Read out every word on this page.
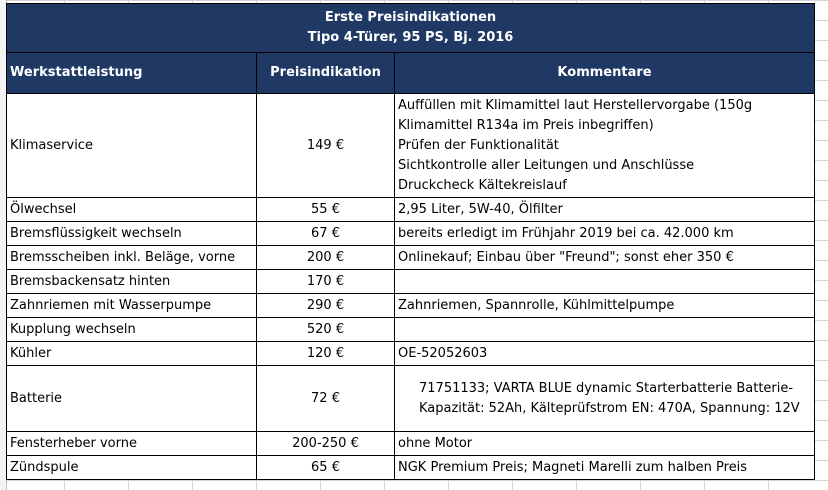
Erste Preisindikationen
Tipo 4-Türer, 95 PS, Bj. 2016		

Werkstattleistung	Preisindikation	Kommentare
Klimaservice	149 €	Auffüllen mit Klimamittel laut Herstellervorgabe (150g
Klimamittel R134a im Preis inbegriffen)
Prüfen der Funktionalität
Sichtkontrolle aller Leitungen und Anschlüsse
Druckcheck Kältekreislauf

Ölwechsel	55 €	2,95 Liter, 5W-40, Ölfilter
Bremsflüssigkeit wechseln	67 €	bereits erledigt im Frühjahr 2019 bei ca. 42.000 km
Bremsscheiben inkl. Beläge, vorne	200 €	Onlinekauf; Einbau über "Freund"; sonst eher 350 €
Bremsbackensatz hinten	170 €	
Zahnriemen mit Wasserpumpe	290 €	Zahnriemen, Spannrolle, Kühlmittelpumpe
Kupplung wechseln	520 €	
Kühler	120 €	OE-52052603
Batterie	72 €	71751133; VARTA BLUE dynamic Starterbatterie Batterie-
Kapazität: 52Ah, Kälteprüfstrom EN: 470A, Spannung: 12V

Fensterheber vorne	200-250 €	ohne Motor
Zündspule	65 €	NGK Premium Preis; Magneti Marelli zum halben Preis
